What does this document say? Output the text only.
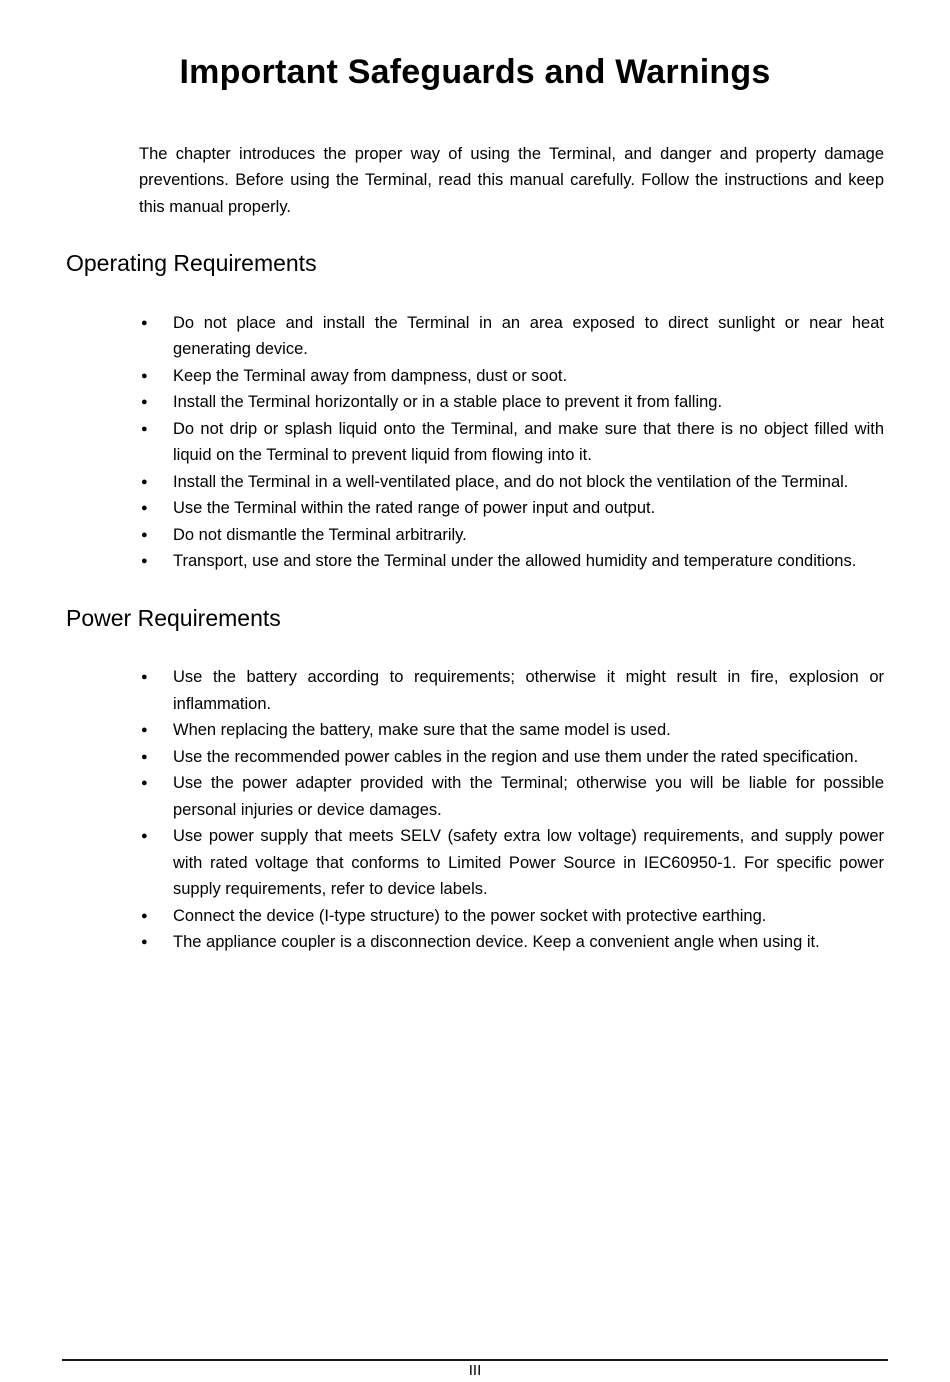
Important Safeguards and Warnings

The chapter introduces the proper way of using the Terminal, and danger and property damage preventions. Before using the Terminal, read this manual carefully. Follow the instructions and keep this manual properly.

Operating Requirements
● Do not place and install the Terminal in an area exposed to direct sunlight or near heat generating device.
● Keep the Terminal away from dampness, dust or soot.
● Install the Terminal horizontally or in a stable place to prevent it from falling.
● Do not drip or splash liquid onto the Terminal, and make sure that there is no object filled with liquid on the Terminal to prevent liquid from flowing into it.
● Install the Terminal in a well-ventilated place, and do not block the ventilation of the Terminal.
● Use the Terminal within the rated range of power input and output.
● Do not dismantle the Terminal arbitrarily.
● Transport, use and store the Terminal under the allowed humidity and temperature conditions.
Power Requirements
● Use the battery according to requirements; otherwise it might result in fire, explosion or inflammation.
● When replacing the battery, make sure that the same model is used.
● Use the recommended power cables in the region and use them under the rated specification.
● Use the power adapter provided with the Terminal; otherwise you will be liable for possible personal injuries or device damages.
● Use power supply that meets SELV (safety extra low voltage) requirements, and supply power with rated voltage that conforms to Limited Power Source in IEC60950-1. For specific power supply requirements, refer to device labels.
● Connect the device (I-type structure) to the power socket with protective earthing.
● The appliance coupler is a disconnection device. Keep a convenient angle when using it.
III
